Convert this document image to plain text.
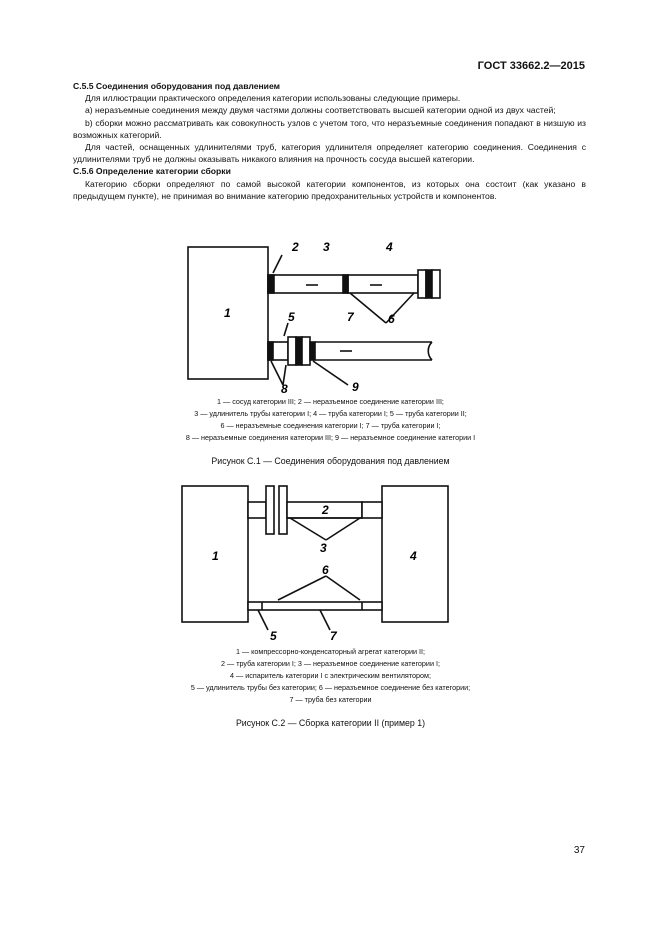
ГОСТ 33662.2—2015

С.5.5 Соединения оборудования под давлением

Для иллюстрации практического определения категории использованы следующие примеры.

а) неразъемные соединения между двумя частями должны соответствовать высшей категории одной из двух частей;

b) сборки можно рассматривать как совокупность узлов с учетом того, что неразъемные соединения попадают в низшую из возможных категорий.

Для частей, оснащенных удлинителями труб, категория удлинителя определяет категорию соединения. Соединения с удлинителями труб не должны оказывать никакого влияния на прочность сосуда высшей категории.

С.5.6 Определение категории сборки

Категорию сборки определяют по самой высокой категории компонентов, из которых она состоит (как указано в предыдущем пункте), не принимая во внимание категорию предохранительных устройств и компонентов.

1
2 3	4
5	6
7
8	9
1 — сосуд категории III; 2 — неразъемное соединение категории III;
3 — удлинитель трубы категории I; 4 — труба категории I; 5 — труба категории II;
6 — неразъемные соединения категории I; 7 — труба категории I;
8 — неразъемные соединения категории III; 9 — неразъемное соединение категории I
Рисунок С.1 — Соединения оборудования под давлением
1
2
3
4
5
6
7
1 — компрессорно-конденсаторный агрегат категории II;
2 — труба категории I; 3 — неразъемное соединение категории I;
4 — испаритель категории I с электрическим вентилятором;
5 — удлинитель трубы без категории; 6 — неразъемное соединение без категории;
7 — труба без категории
Рисунок С.2 — Сборка категории II (пример 1)
37
